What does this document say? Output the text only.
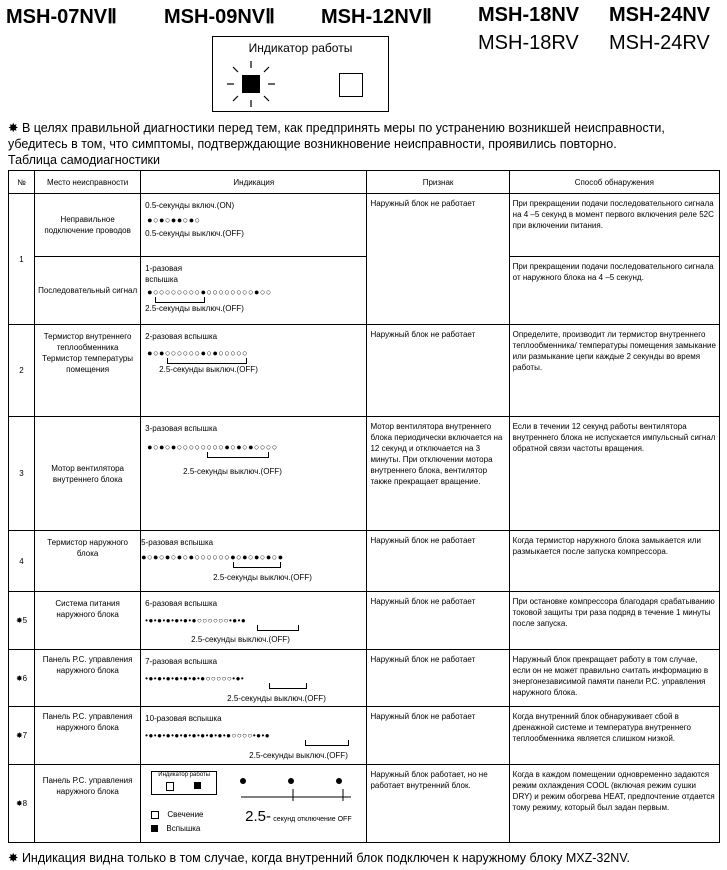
MSH-07NVⅡ MSH-09NVⅡ MSH-12NVⅡ MSH-18NV MSH-24NV
MSH-18RV MSH-24RV
Индикатор работы
✸ В целях правильной диагностики перед тем, как предпринять меры по устранению возникшей неисправности,
убедитесь в том, что симптомы, подтверждающие возникновение неисправности, проявились повторно.
Таблица самодиагностики
№	Место неисправности	Индикация	Признак	Способ обнаружения
1	Неправильное подключение проводов	0.5-секунды включ.(ON)
●○●○●●○●○
0.5-секунды выключ.(OFF)	Наружный блок не работает	При прекращении подачи последовательного сигнала на 4 –5 секунд в момент первого включения реле 52С при включении питания.
	Последовательный сигнал	1-разовая вспышка
●○○○○○○○○●○○○○○○○○●○○
2.5-секунды выключ.(OFF)		При прекращении подачи последовательного сигнала от наружного блока на 4 –5 секунд.
2	Термистор внутреннего теплообменника Термистор температуры помещения	2-разовая вспышка
●○●○○○○○○●○●○○○○○
2.5-секунды выключ.(OFF)	Наружный блок не работает	Определите, производит ли термистор внутреннего теплообменника/ температуры помещения замыкание или размыкание цепи каждые 2 секунды во время работы.
3	Мотор вентилятора внутреннего блока	3-разовая вспышка
●○●○●○○○○○○○○●○●○●○○○○
2.5-секунды выключ.(OFF)	Мотор вентилятора внутреннего блока периодически включается на 12 секунд и отключается на 3 минуты. При отключении мотора внутреннего блока, вентилятор также прекращает вращение.	Если в течении 12 секунд работы вентилятора внутреннего блока не испускается импульсный сигнал обратной связи частоты вращения.
4	Термистор наружного блока	5-разовая вспышка
●○●○●○●○●○○○○○○●○●○●○●○●
2.5-секунды выключ.(OFF)	Наружный блок не работает	Когда термистор наружного блока замыкается или размыкается после запуска компрессора.
✸5	Система питания наружного блока	6-разовая вспышка
•●•●•●•●•●•●○○○○○○•●•●
2.5-секунды выключ.(OFF)	Наружный блок не работает	При остановке компрессора благодаря срабатыванию токовой защиты три раза подряд в течение 1 минуты после запуска.
✸6	Панель Р.С. управления наружного блока	7-разовая вспышка
•●•●•●•●•●•●•●○○○○○•●•
2.5-секунды выключ.(OFF)	Наружный блок не работает	Наружный блок прекращает работу в том случае, если он не может правильно считать информацию в энергонезависимой памяти панели Р.С. управления наружного блока.
✸7	Панель Р.С. управления наружного блока	10-разовая вспышка
•●•●•●•●•●•●•●•●•●•●○○○○•●•●
2.5-секунды выключ.(OFF)	Наружный блок не работает	Когда внутренний блок обнаруживает сбой в дренажной системе и температура внутреннего теплообменника является слишком низкой.
✸8	Панель Р.С. управления наружного блока	Индикатор работы
Свечение
Вспышка
2.5- секунд отключение OFF	Наружный блок работает, но не работает внутренний блок.	Когда в каждом помещении одновременно задаются режим охлаждения COOL (включая режим сушки DRY) и режим обогрева HEAT, предпочтение отдается тому режиму, который был задан первым.
✸ Индикация видна только в том случае, когда внутренний блок подключен к наружному блоку MXZ-32NV.
